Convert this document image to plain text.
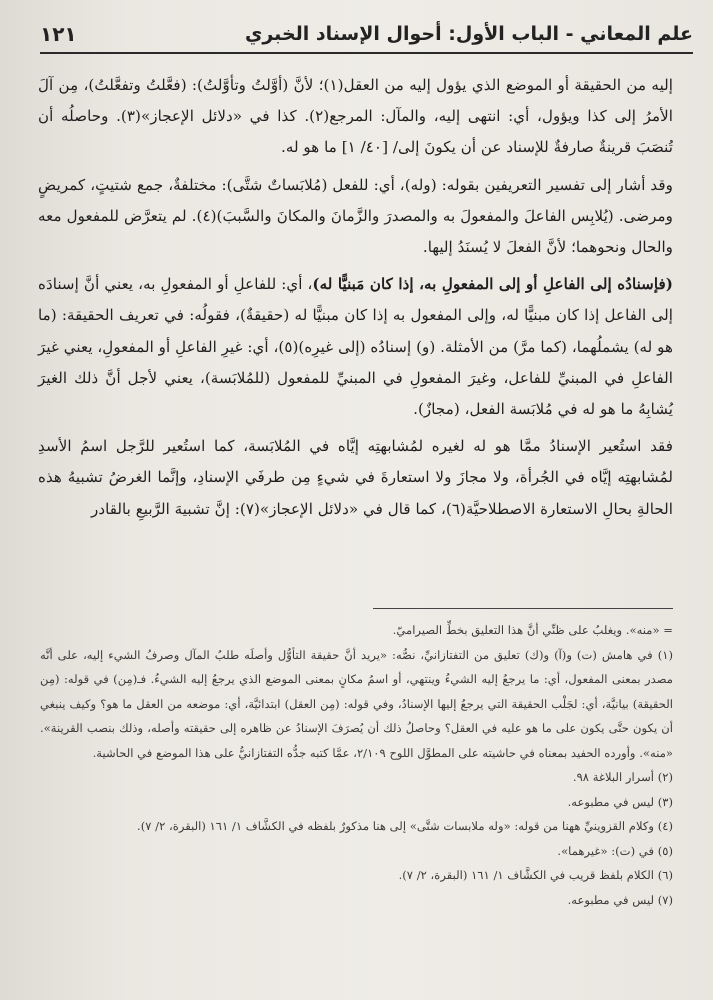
علم المعاني - الباب الأول: أحوال الإسناد الخبري
١٢١

إليه من الحقيقة أو الموضع الذي يؤول إليه من العقل(١)؛ لأنَّ (أوَّلتُ وتأوَّلتُ): (فعَّلتُ وتفعَّلتُ)، مِن آلَ الأمرُ إلى كذا ويؤول، أي: انتهى إليه، والمآل: المرجع(٢). كذا في «دلائل الإعجاز»(٣). وحاصلُه أن تُنصَبَ قرينةٌ صارفةٌ للإسناد عن أن يكونَ إلى/ [٤٠/ ١] ما هو له.

وقد أشار إلى تفسير التعريفين بقوله: (وله)، أي: للفعل (مُلابَساتٌ شتَّى): مختلفةٌ، جمع شتيتٍ، كمريضٍ ومرضى. (يُلابِس الفاعلَ والمفعولَ به والمصدرَ والزَّمانَ والمكانَ والسَّببَ)(٤). لم يتعرَّض للمفعول معه والحال ونحوهما؛ لأنَّ الفعلَ لا يُسنَدُ إليها.

(فإسنادُه إلى الفاعلِ أو إلى المفعولِ به، إذا كان مَبنيًّا له)، أي: للفاعلِ أو المفعولِ به، يعني أنَّ إسنادَه إلى الفاعل إذا كان مبنيًّا له، وإلى المفعول به إذا كان مبنيًّا له (حقيقةٌ)، فقولُه: في تعريف الحقيقة: (ما هو له) يشملُهما، (كما مرَّ) من الأمثلة. (و) إسنادُه (إلى غيرِه)(٥)، أي: غيرِ الفاعلِ أو المفعولِ، يعني غيرَ الفاعلِ في المبنيِّ للفاعل، وغيرَ المفعولِ في المبنيِّ للمفعول (للمُلابَسة)، يعني لأجل أنَّ ذلك الغيرَ يُشابِهُ ما هو له في مُلابَسة الفعل، (مجازٌ).

فقد استُعير الإسنادُ ممَّا هو له لغيره لمُشابهتِه إيَّاه في المُلابَسة، كما استُعير للرَّجل اسمُ الأسدِ لمُشابهتِه إيَّاه في الجُرأة، ولا مجازَ ولا استعارةَ في شيءٍ مِن طرفَي الإسنادِ، وإنَّما الغرضُ تشبيهُ هذه الحالةِ بحالِ الاستعارة الاصطلاحيَّة(٦)، كما قال في «دلائل الإعجاز»(٧): إنَّ تشبيهَ الرَّبيعِ بالقادر

= «منه». ويغلبُ على ظنِّي أنَّ هذا التعليق بخطِّ الصيراميّ.

(١) في هامش (ت) و(آ) و(ك) تعليق من التفتازانيِّ، نصُّه: «يريد أنَّ حقيقة التأوُّل وأصلَه طلبُ المآل وصرفُ الشيء إليه، على أنَّه مصدر بمعنى المفعول، أي: ما يرجعُ إليه الشيءُ وينتهي، أو اسمُ مكانٍ بمعنى الموضع الذي يرجعُ إليه الشيءُ. فـ(مِن) في قوله: (مِن الحقيقة) بيانيَّة، أي: لجَلْب الحقيقة التي يرجعُ إليها الإسنادُ، وفي قوله: (مِن العقل) ابتدائيَّة، أي: موضعه من العقل ما هو؟ وكيف ينبغي أن يكون حتَّى يكون على ما هو عليه في العقل؟ وحاصلُ ذلك أن يُصرَفَ الإسنادُ عن ظاهره إلى حقيقته وأصله، وذلك بنصب القرينة». «منه». وأورده الحفيد بمعناه في حاشيته على المطوَّل اللوح ٢/١٠٩، عمَّا كتبه جدُّه التفتازانيُّ على هذا الموضع في الحاشية.

(٢) أسرار البلاغة ٩٨.

(٣) ليس في مطبوعه.

(٤) وكلام القزوينيِّ ههنا من قوله: «وله ملابسات شتَّى» إلى هنا مذكورٌ بلفظه في الكشَّاف ١/ ١٦١ (البقرة، ٢/ ٧).

(٥) في (ت): «غيرهما».

(٦) الكلام بلفظ قريب في الكشَّاف ١/ ١٦١ (البقرة، ٢/ ٧).

(٧) ليس في مطبوعه.
